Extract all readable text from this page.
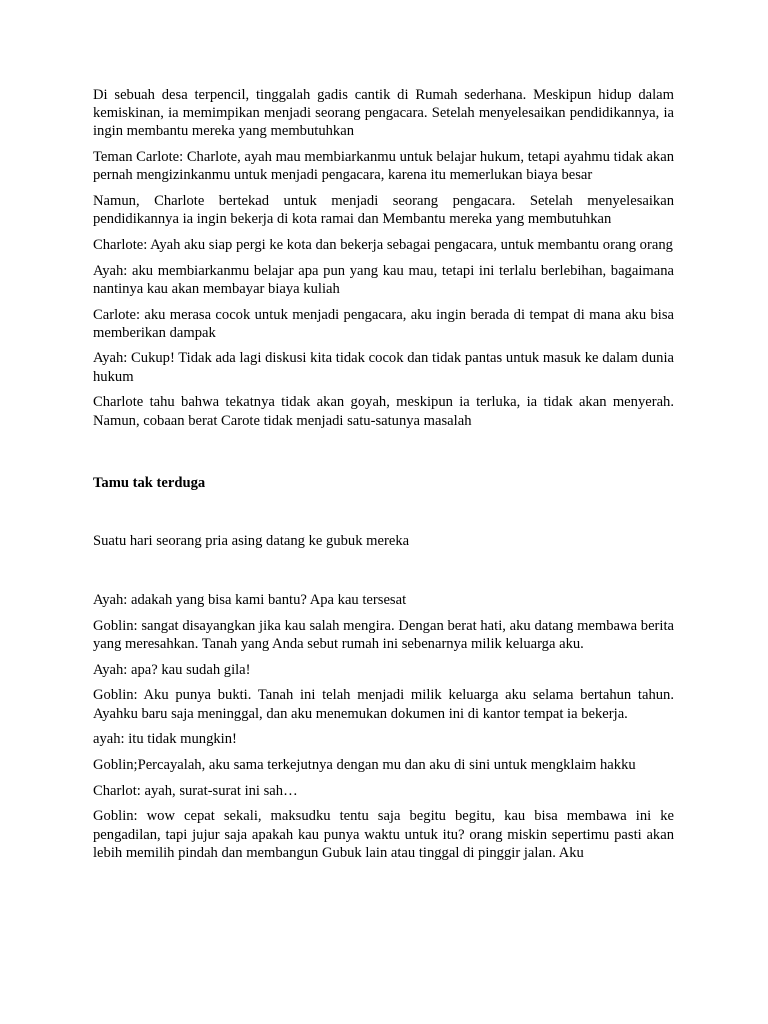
Di sebuah desa terpencil, tinggalah gadis cantik di Rumah sederhana. Meskipun hidup dalam kemiskinan, ia memimpikan menjadi seorang pengacara. Setelah menyelesaikan pendidikannya, ia ingin membantu mereka yang membutuhkan

Teman Carlote: Charlote, ayah mau membiarkanmu untuk belajar hukum, tetapi ayahmu tidak akan pernah mengizinkanmu untuk menjadi pengacara, karena itu memerlukan biaya besar

Namun, Charlote bertekad untuk menjadi seorang pengacara. Setelah menyelesaikan pendidikannya ia ingin bekerja di kota ramai dan Membantu mereka yang membutuhkan

Charlote: Ayah aku siap pergi ke kota dan bekerja sebagai pengacara, untuk membantu orang orang

Ayah: aku membiarkanmu belajar apa pun yang kau mau, tetapi ini terlalu berlebihan, bagaimana nantinya kau akan membayar biaya kuliah

Carlote: aku merasa cocok untuk menjadi pengacara, aku ingin berada di tempat di mana aku bisa memberikan dampak

Ayah: Cukup! Tidak ada lagi diskusi kita tidak cocok dan tidak pantas untuk masuk ke dalam dunia hukum

Charlote tahu bahwa tekatnya tidak akan goyah, meskipun ia terluka, ia tidak akan menyerah. Namun, cobaan berat Carote tidak menjadi satu-satunya masalah

Tamu tak terduga

Suatu hari seorang pria asing datang ke gubuk mereka

Ayah: adakah yang bisa kami bantu? Apa kau tersesat

Goblin: sangat disayangkan jika kau salah mengira. Dengan berat hati, aku datang membawa berita yang meresahkan. Tanah yang Anda sebut rumah ini sebenarnya milik keluarga aku.

Ayah: apa? kau sudah gila!

Goblin: Aku punya bukti. Tanah ini telah menjadi milik keluarga aku selama bertahun tahun. Ayahku baru saja meninggal, dan aku menemukan dokumen ini di kantor tempat ia bekerja.

ayah: itu tidak mungkin!

Goblin;Percayalah, aku sama terkejutnya dengan mu dan aku di sini untuk mengklaim hakku

Charlot: ayah, surat-surat ini sah…

Goblin: wow cepat sekali, maksudku tentu saja begitu begitu, kau bisa membawa ini ke pengadilan, tapi jujur saja apakah kau punya waktu untuk itu? orang miskin sepertimu pasti akan lebih memilih pindah dan membangun Gubuk lain atau tinggal di pinggir jalan. Aku
